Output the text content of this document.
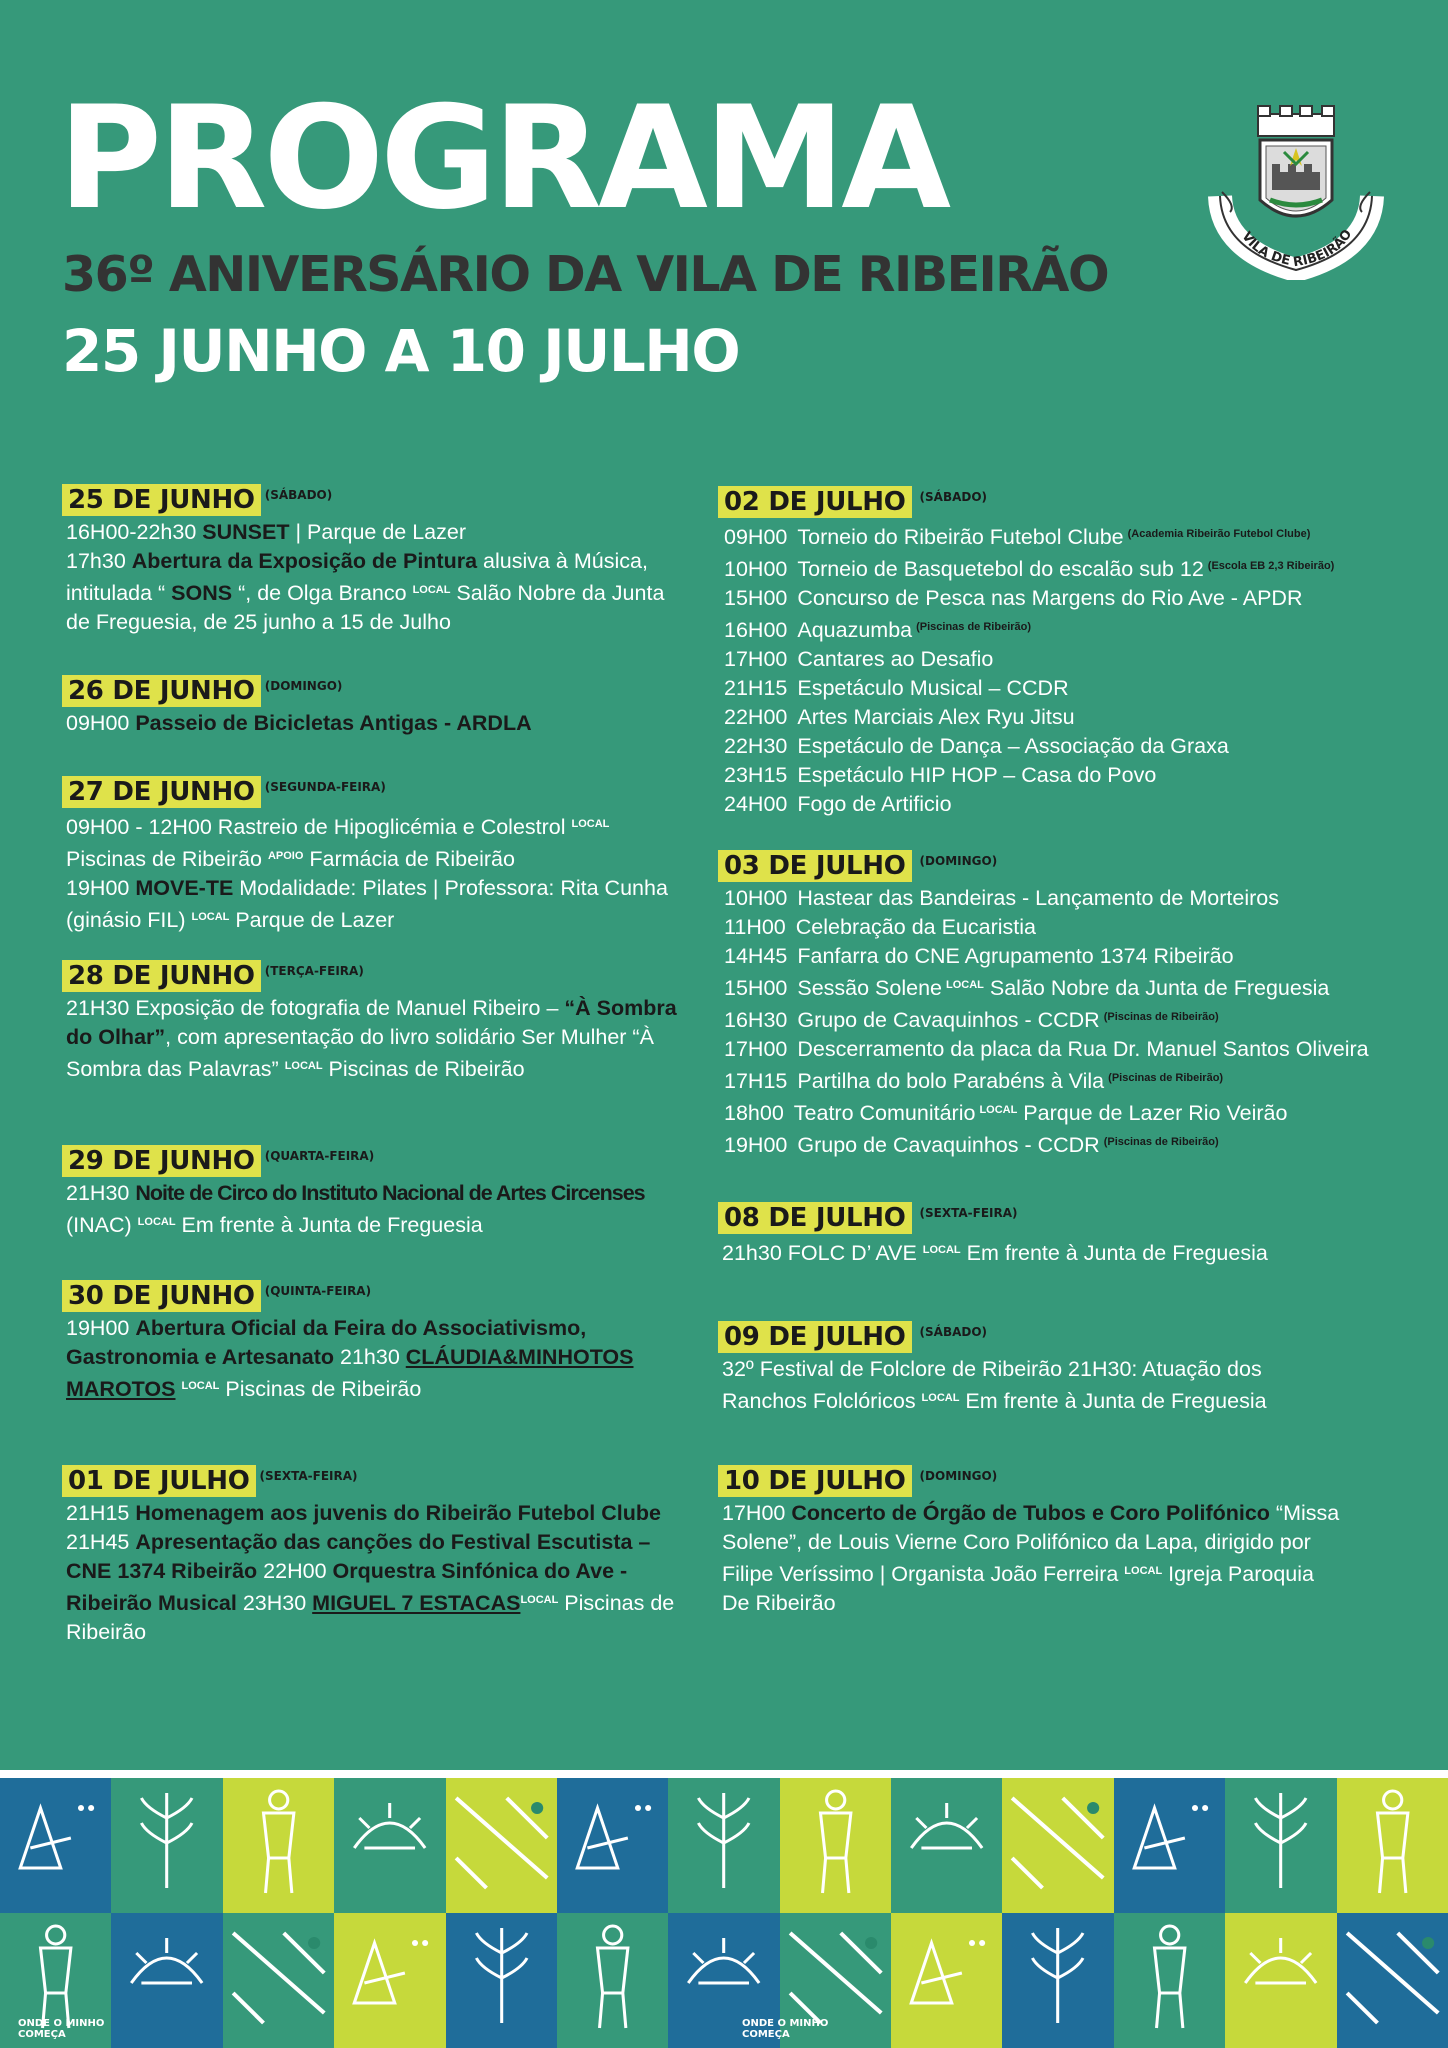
PROGRAMA
36º ANIVERSÁRIO DA VILA DE RIBEIRÃO
25 JUNHO A 10 JULHO
VILA DE RIBEIRÃO
25 DE JUNHO (SÁBADO)

16H00-22h30 SUNSET | Parque de Lazer

17h30 Abertura da Exposição de Pintura alusiva à Música, intitulada “ SONS “, de Olga Branco $^{LOCAL}$ Salão Nobre da Junta de Freguesia, de 25 junho a 15 de Julho

26 DE JUNHO (DOMINGO)

09H00 Passeio de Bicicletas Antigas - ARDLA

27 DE JUNHO (SEGUNDA-FEIRA)

09H00 - 12H00 Rastreio de Hipoglicémia e Colestrol $^{LOCAL}$ Piscinas de Ribeirão $^{APOIO}$ Farmácia de Ribeirão

19H00 MOVE-TE Modalidade: Pilates | Professora: Rita Cunha (ginásio FIL) $^{LOCAL}$ Parque de Lazer

28 DE JUNHO (TERÇA-FEIRA)

21H30 Exposição de fotografia de Manuel Ribeiro – “À Sombra do Olhar”, com apresentação do livro solidário Ser Mulher “À Sombra das Palavras” $^{LOCAL}$ Piscinas de Ribeirão

29 DE JUNHO (QUARTA-FEIRA)

21H30 Noite de Circo do Instituto Nacional de Artes Circenses (INAC) $^{LOCAL}$ Em frente à Junta de Freguesia

30 DE JUNHO (QUINTA-FEIRA)

19H00 Abertura Oficial da Feira do Associativismo, Gastronomia e Artesanato 21h30 CLÁUDIA&MINHOTOS MAROTOS $^{LOCAL}$ Piscinas de Ribeirão

01 DE JULHO (SEXTA-FEIRA)

21H15 Homenagem aos juvenis do Ribeirão Futebol Clube 21H45 Apresentação das canções do Festival Escutista – CNE 1374 Ribeirão 22H00 Orquestra Sinfónica do Ave - Ribeirão Musical 23H30 MIGUEL 7 $ESTACAS^{LOCAL}$ Piscinas de Ribeirão

02 DE JULHO	(SÁBADO)
09H00 Torneio do Ribeirão Futebol Clube $^{(Academia Ribeirão Futebol Clube)}$
10H00 Torneio de Basquetebol do escalão sub 12 $^{(Escola EB 2,3 Ribeirão)}$
15H00 Concurso de Pesca nas Margens do Rio Ave - APDR
16H00 Aquazumba $^{(Piscinas de Ribeirão)}$
17H00 Cantares ao Desafio
21H15 Espetáculo Musical – CCDR
22H00 Artes Marciais Alex Ryu Jitsu
22H30 Espetáculo de Dança – Associação da Graxa
23H15 Espetáculo HIP HOP – Casa do Povo
24H00 Fogo de Artificio
03 DE JULHO	(DOMINGO)
10H00 Hastear das Bandeiras - Lançamento de Morteiros
11H00 Celebração da Eucaristia
14H45 Fanfarra do CNE Agrupamento 1374 Ribeirão
15H00 Sessão Solene $^{LOCAL}$ Salão Nobre da Junta de Freguesia
16H30 Grupo de Cavaquinhos - CCDR $^{(Piscinas de Ribeirão)}$
17H00 Descerramento da placa da Rua Dr. Manuel Santos Oliveira
17H15 Partilha do bolo Parabéns à Vila $^{(Piscinas de Ribeirão)}$
18h00 Teatro Comunitário $^{LOCAL}$ Parque de Lazer Rio Veirão
19H00 Grupo de Cavaquinhos - CCDR $^{(Piscinas de Ribeirão)}$
08 DE JULHO	(SEXTA-FEIRA)

21h30 FOLC D’ AVE $^{LOCAL}$ Em frente à Junta de Freguesia

09 DE JULHO	(SÁBADO)

32º Festival de Folclore de Ribeirão 21H30: Atuação dos Ranchos Folclóricos $^{LOCAL}$ Em frente à Junta de Freguesia

10 DE JULHO	(DOMINGO)

17H00 Concerto de Órgão de Tubos e Coro Polifónico “Missa Solene”, de Louis Vierne Coro Polifónico da Lapa, dirigido por Filipe Veríssimo | Organista João Ferreira $^{LOCAL}$ Igreja Paroquia De Ribeirão

ONDE O MINHO
COMEÇA
ONDE O MINHO
COMEÇA
